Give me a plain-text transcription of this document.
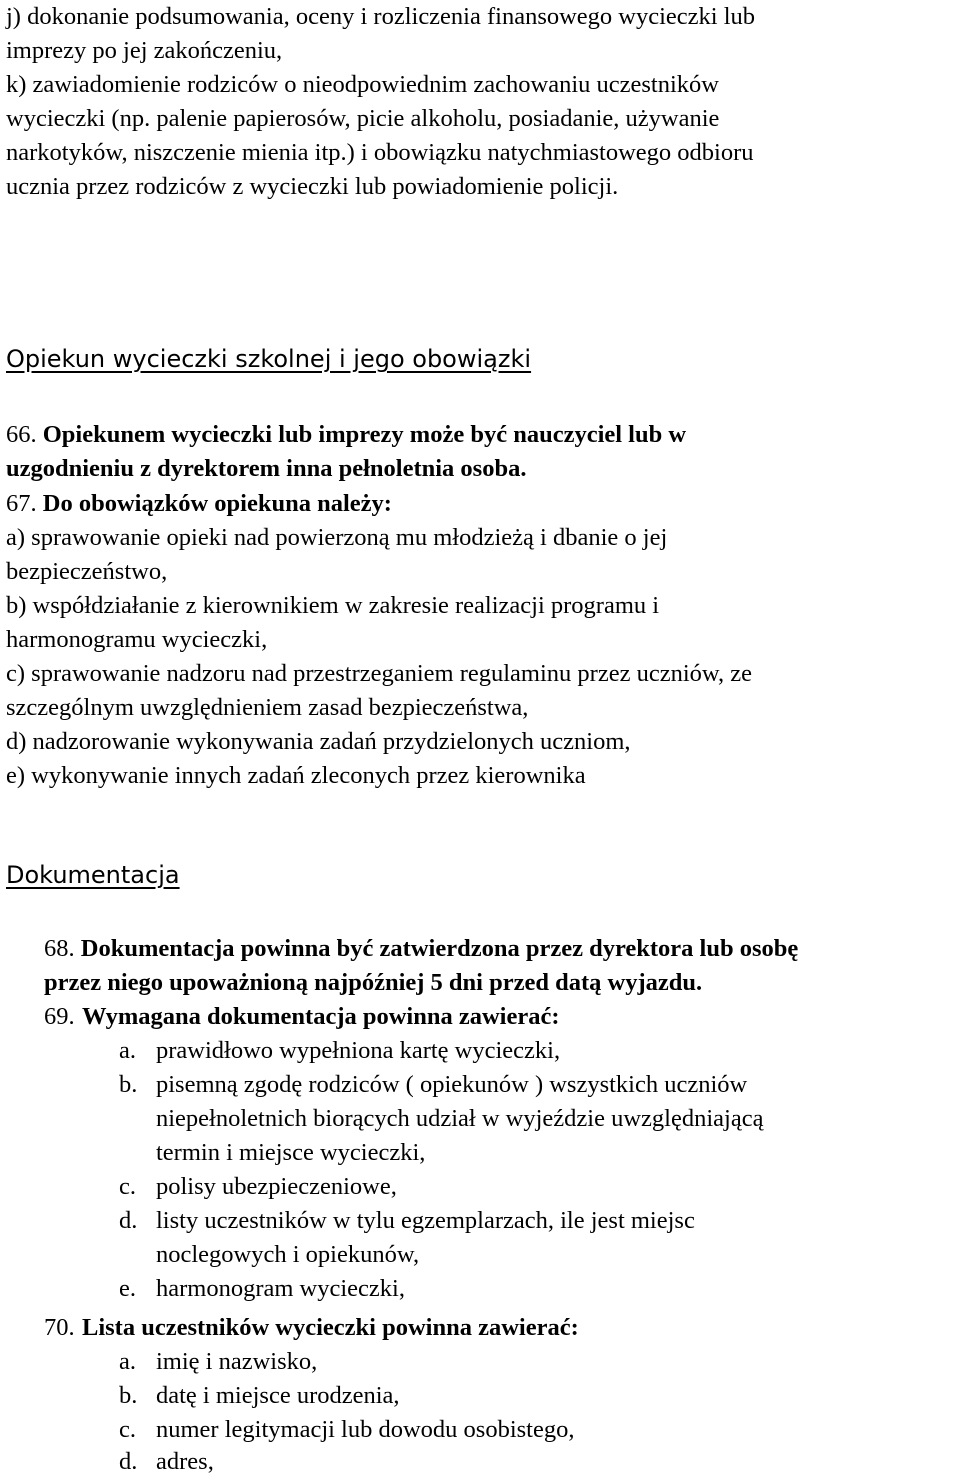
j) dokonanie podsumowania, oceny i rozliczenia finansowego wycieczki lub
imprezy po jej zakończeniu,
k) zawiadomienie rodziców o nieodpowiednim zachowaniu uczestników
wycieczki (np. palenie papierosów, picie alkoholu, posiadanie, używanie
narkotyków, niszczenie mienia itp.) i obowiązku natychmiastowego odbioru
ucznia przez rodziców z wycieczki lub powiadomienie policji.
Opiekun wycieczki szkolnej i jego obowiązki
66. Opiekunem wycieczki lub imprezy może być nauczyciel lub w
uzgodnieniu z dyrektorem inna pełnoletnia osoba.
67. Do obowiązków opiekuna należy:
a) sprawowanie opieki nad powierzoną mu młodzieżą i dbanie o jej
bezpieczeństwo,
b) współdziałanie z kierownikiem w zakresie realizacji programu i
harmonogramu wycieczki,
c) sprawowanie nadzoru nad przestrzeganiem regulaminu przez uczniów, ze
szczególnym uwzględnieniem zasad bezpieczeństwa,
d) nadzorowanie wykonywania zadań przydzielonych uczniom,
e) wykonywanie innych zadań zleconych przez kierownika
Dokumentacja
68. Dokumentacja powinna być zatwierdzona przez dyrektora lub osobę
przez niego upoważnioną najpóźniej 5 dni przed datą wyjazdu.
69. Wymagana dokumentacja powinna zawierać:
a. prawidłowo wypełniona kartę wycieczki,
b. pisemną zgodę rodziców ( opiekunów ) wszystkich uczniów
niepełnoletnich biorących udział w wyjeździe uwzględniającą
termin i miejsce wycieczki,
c. polisy ubezpieczeniowe,
d. listy uczestników w tylu egzemplarzach, ile jest miejsc
noclegowych i opiekunów,
e. harmonogram wycieczki,
70. Lista uczestników wycieczki powinna zawierać:
a. imię i nazwisko,
b. datę i miejsce urodzenia,
c. numer legitymacji lub dowodu osobistego,
d. adres,
